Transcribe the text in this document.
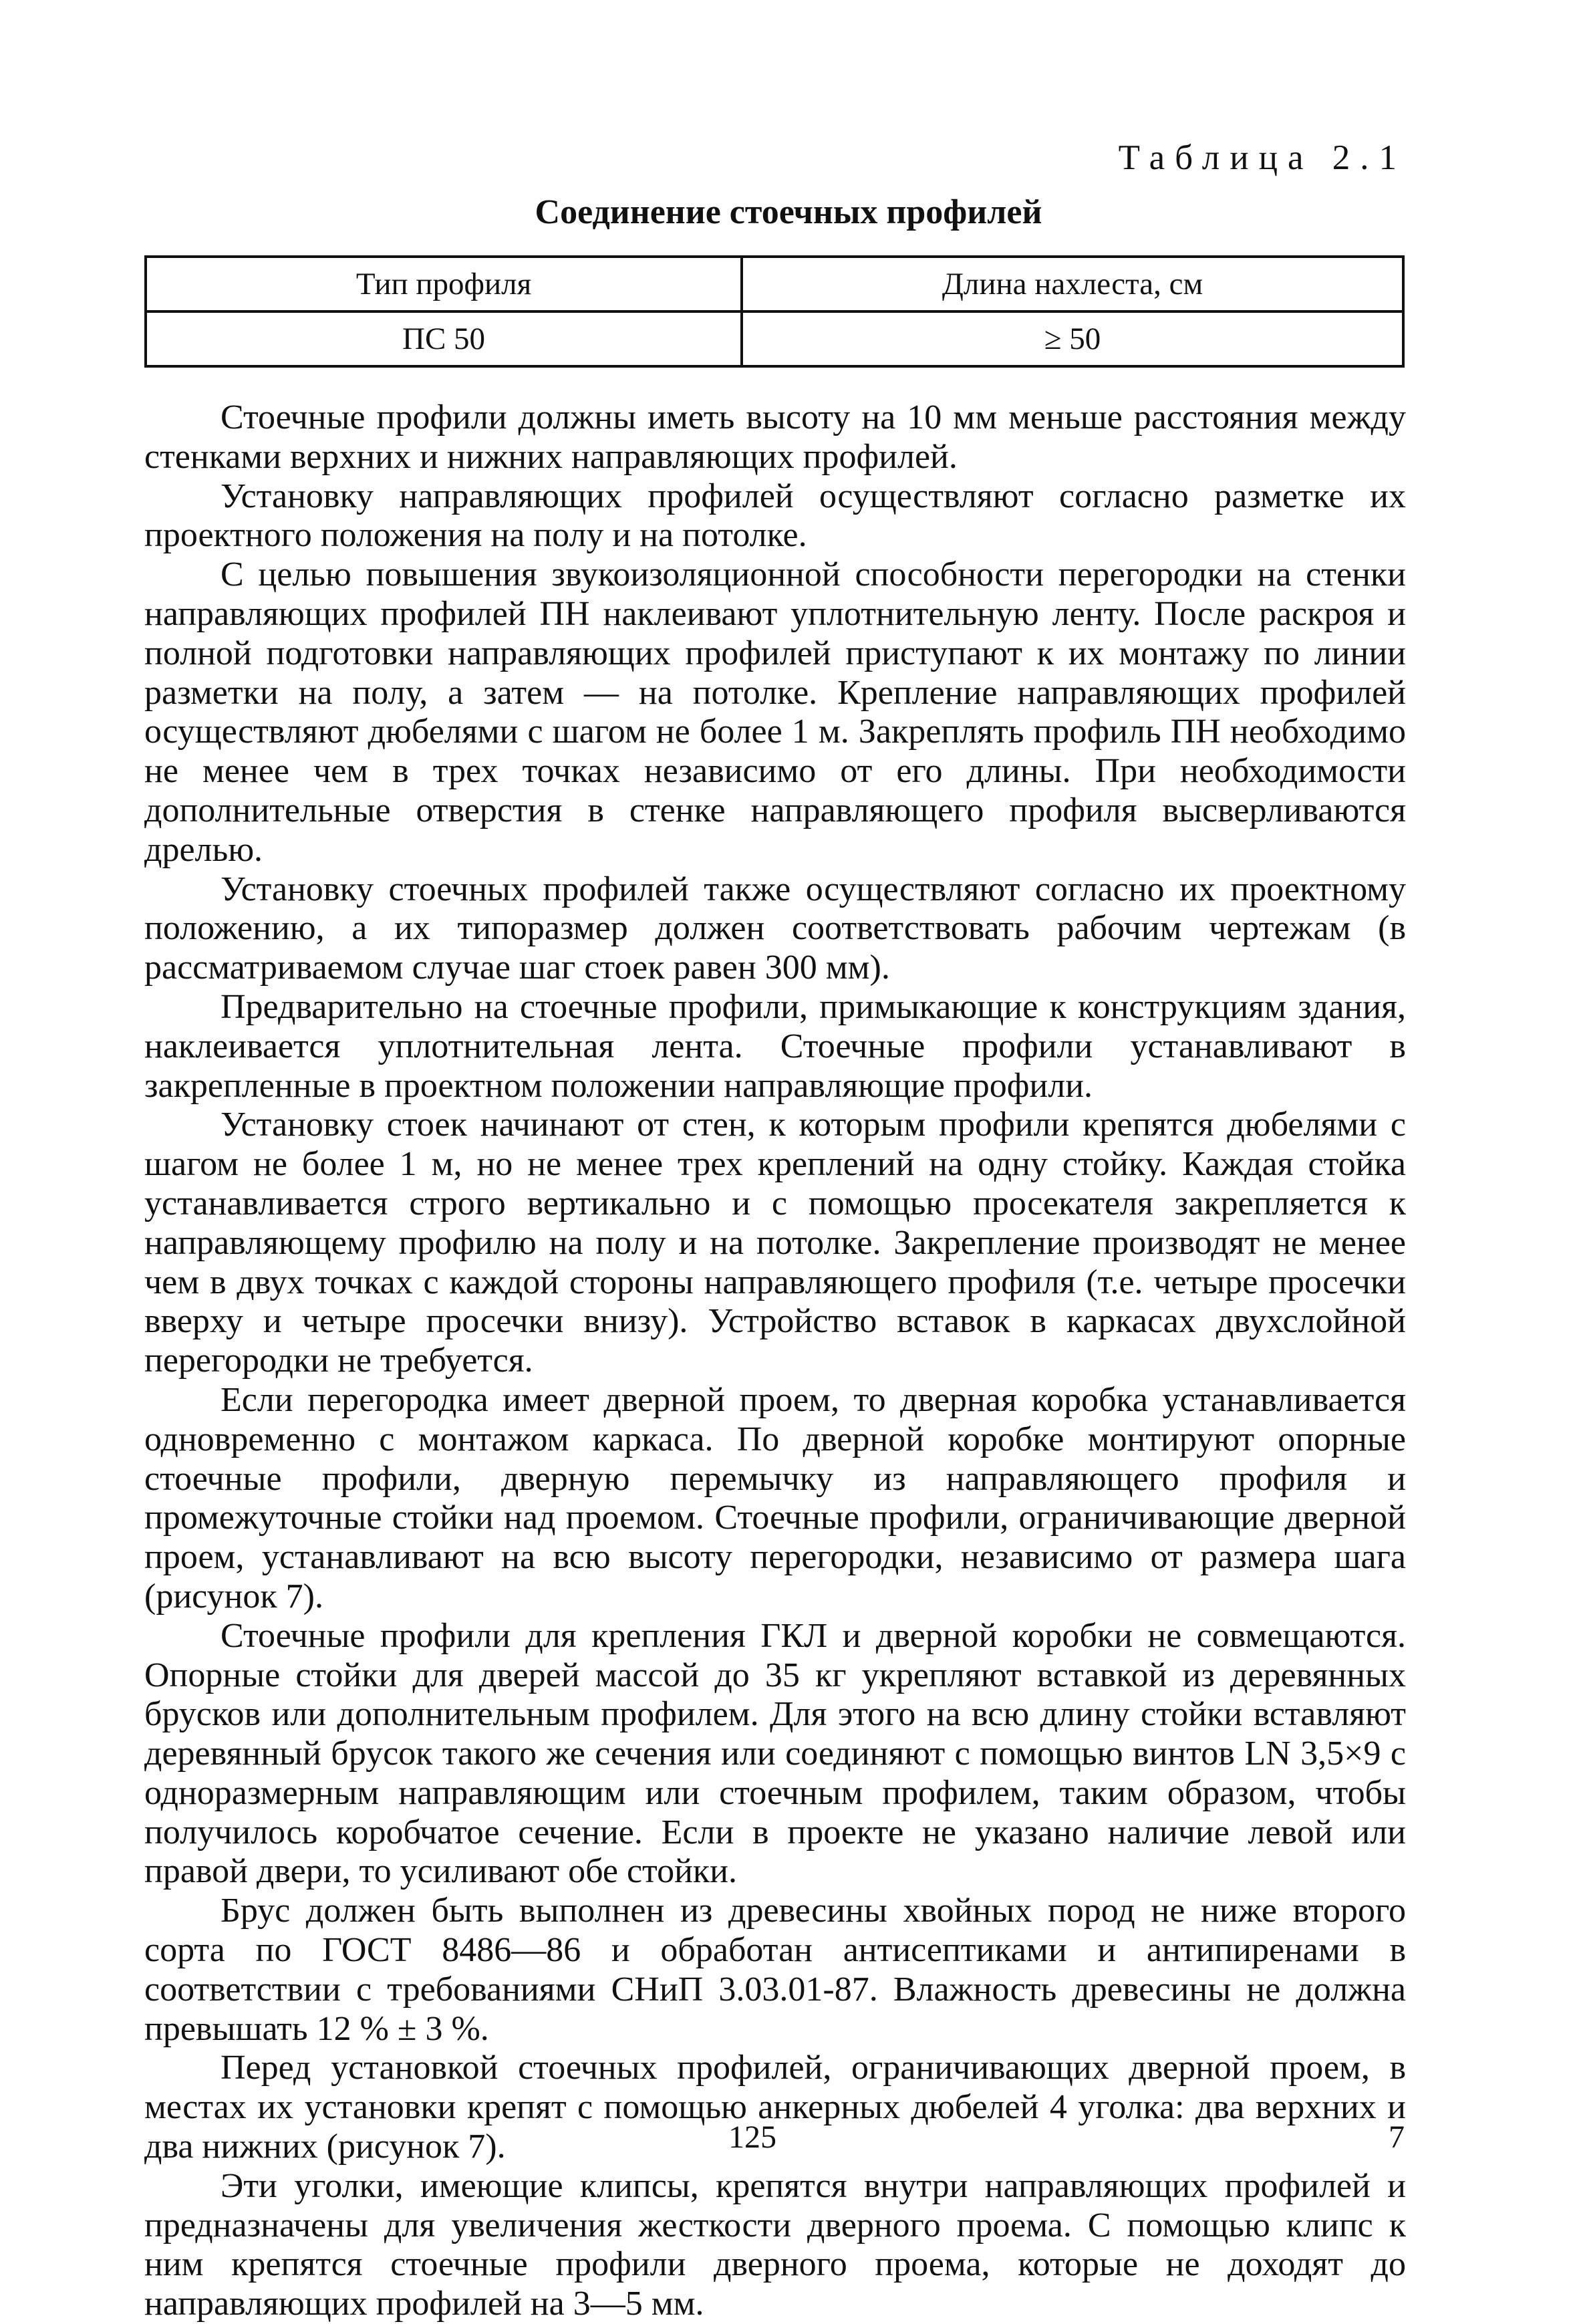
Таблица 2.1
Соединение стоечных профилей
Тип профиля	Длина нахлеста, см
ПС 50	≥ 50

Стоечные профили должны иметь высоту на 10 мм меньше расстояния между стенками верхних и нижних направляющих профилей.

Установку направляющих профилей осуществляют согласно разметке их проектного положения на полу и на потолке.

С целью повышения звукоизоляционной способности перегородки на стенки направляющих профилей ПН наклеивают уплотнительную ленту. После раскроя и полной подготовки направляющих профилей приступают к их монтажу по линии разметки на полу, а затем — на потолке. Крепление направляющих профилей осуществляют дюбелями с шагом не более 1 м. Закреплять профиль ПН необходимо не менее чем в трех точках независимо от его длины. При необходимости дополнительные отверстия в стенке направляющего профиля высверливаются дрелью.

Установку стоечных профилей также осуществляют согласно их проектному положению, а их типоразмер должен соответствовать рабочим чертежам (в рассматриваемом случае шаг стоек равен 300 мм).

Предварительно на стоечные профили, примыкающие к конструкциям здания, наклеивается уплотнительная лента. Стоечные профили устанавливают в закрепленные в проектном положении направляющие профили.

Установку стоек начинают от стен, к которым профили крепятся дюбелями с шагом не более 1 м, но не менее трех креплений на одну стойку. Каждая стойка устанавливается строго вертикально и с помощью просекателя закрепляется к направляющему профилю на полу и на потолке. Закрепление производят не менее чем в двух точках с каждой стороны направляющего профиля (т.е. четыре просечки вверху и четыре просечки внизу). Устройство вставок в каркасах двухслойной перегородки не требуется.

Если перегородка имеет дверной проем, то дверная коробка устанавливается одновременно с монтажом каркаса. По дверной коробке монтируют опорные стоечные профили, дверную перемычку из направляющего профиля и промежуточные стойки над проемом. Стоечные профили, ограничивающие дверной проем, устанавливают на всю высоту перегородки, независимо от размера шага (рисунок 7).

Стоечные профили для крепления ГКЛ и дверной коробки не совмещаются. Опорные стойки для дверей массой до 35 кг укрепляют вставкой из деревянных брусков или дополнительным профилем. Для этого на всю длину стойки вставляют деревянный брусок такого же сечения или соединяют с помощью винтов LN 3,5×9 с одноразмерным направляющим или стоечным профилем, таким образом, чтобы получилось коробчатое сечение. Если в проекте не указано наличие левой или правой двери, то усиливают обе стойки.

Брус должен быть выполнен из древесины хвойных пород не ниже второго сорта по ГОСТ 8486—86 и обработан антисептиками и антипиренами в соответствии с требованиями СНиП 3.03.01-87. Влажность древесины не должна превышать 12 % ± 3 %.

Перед установкой стоечных профилей, ограничивающих дверной проем, в местах их установки крепят с помощью анкерных дюбелей 4 уголка: два верхних и два нижних (рисунок 7).

Эти уголки, имеющие клипсы, крепятся внутри направляющих профилей и предназначены для увеличения жесткости дверного проема. С помощью клипс к ним крепятся стоечные профили дверного проема, которые не доходят до направляющих профилей на 3—5 мм.

125	7
